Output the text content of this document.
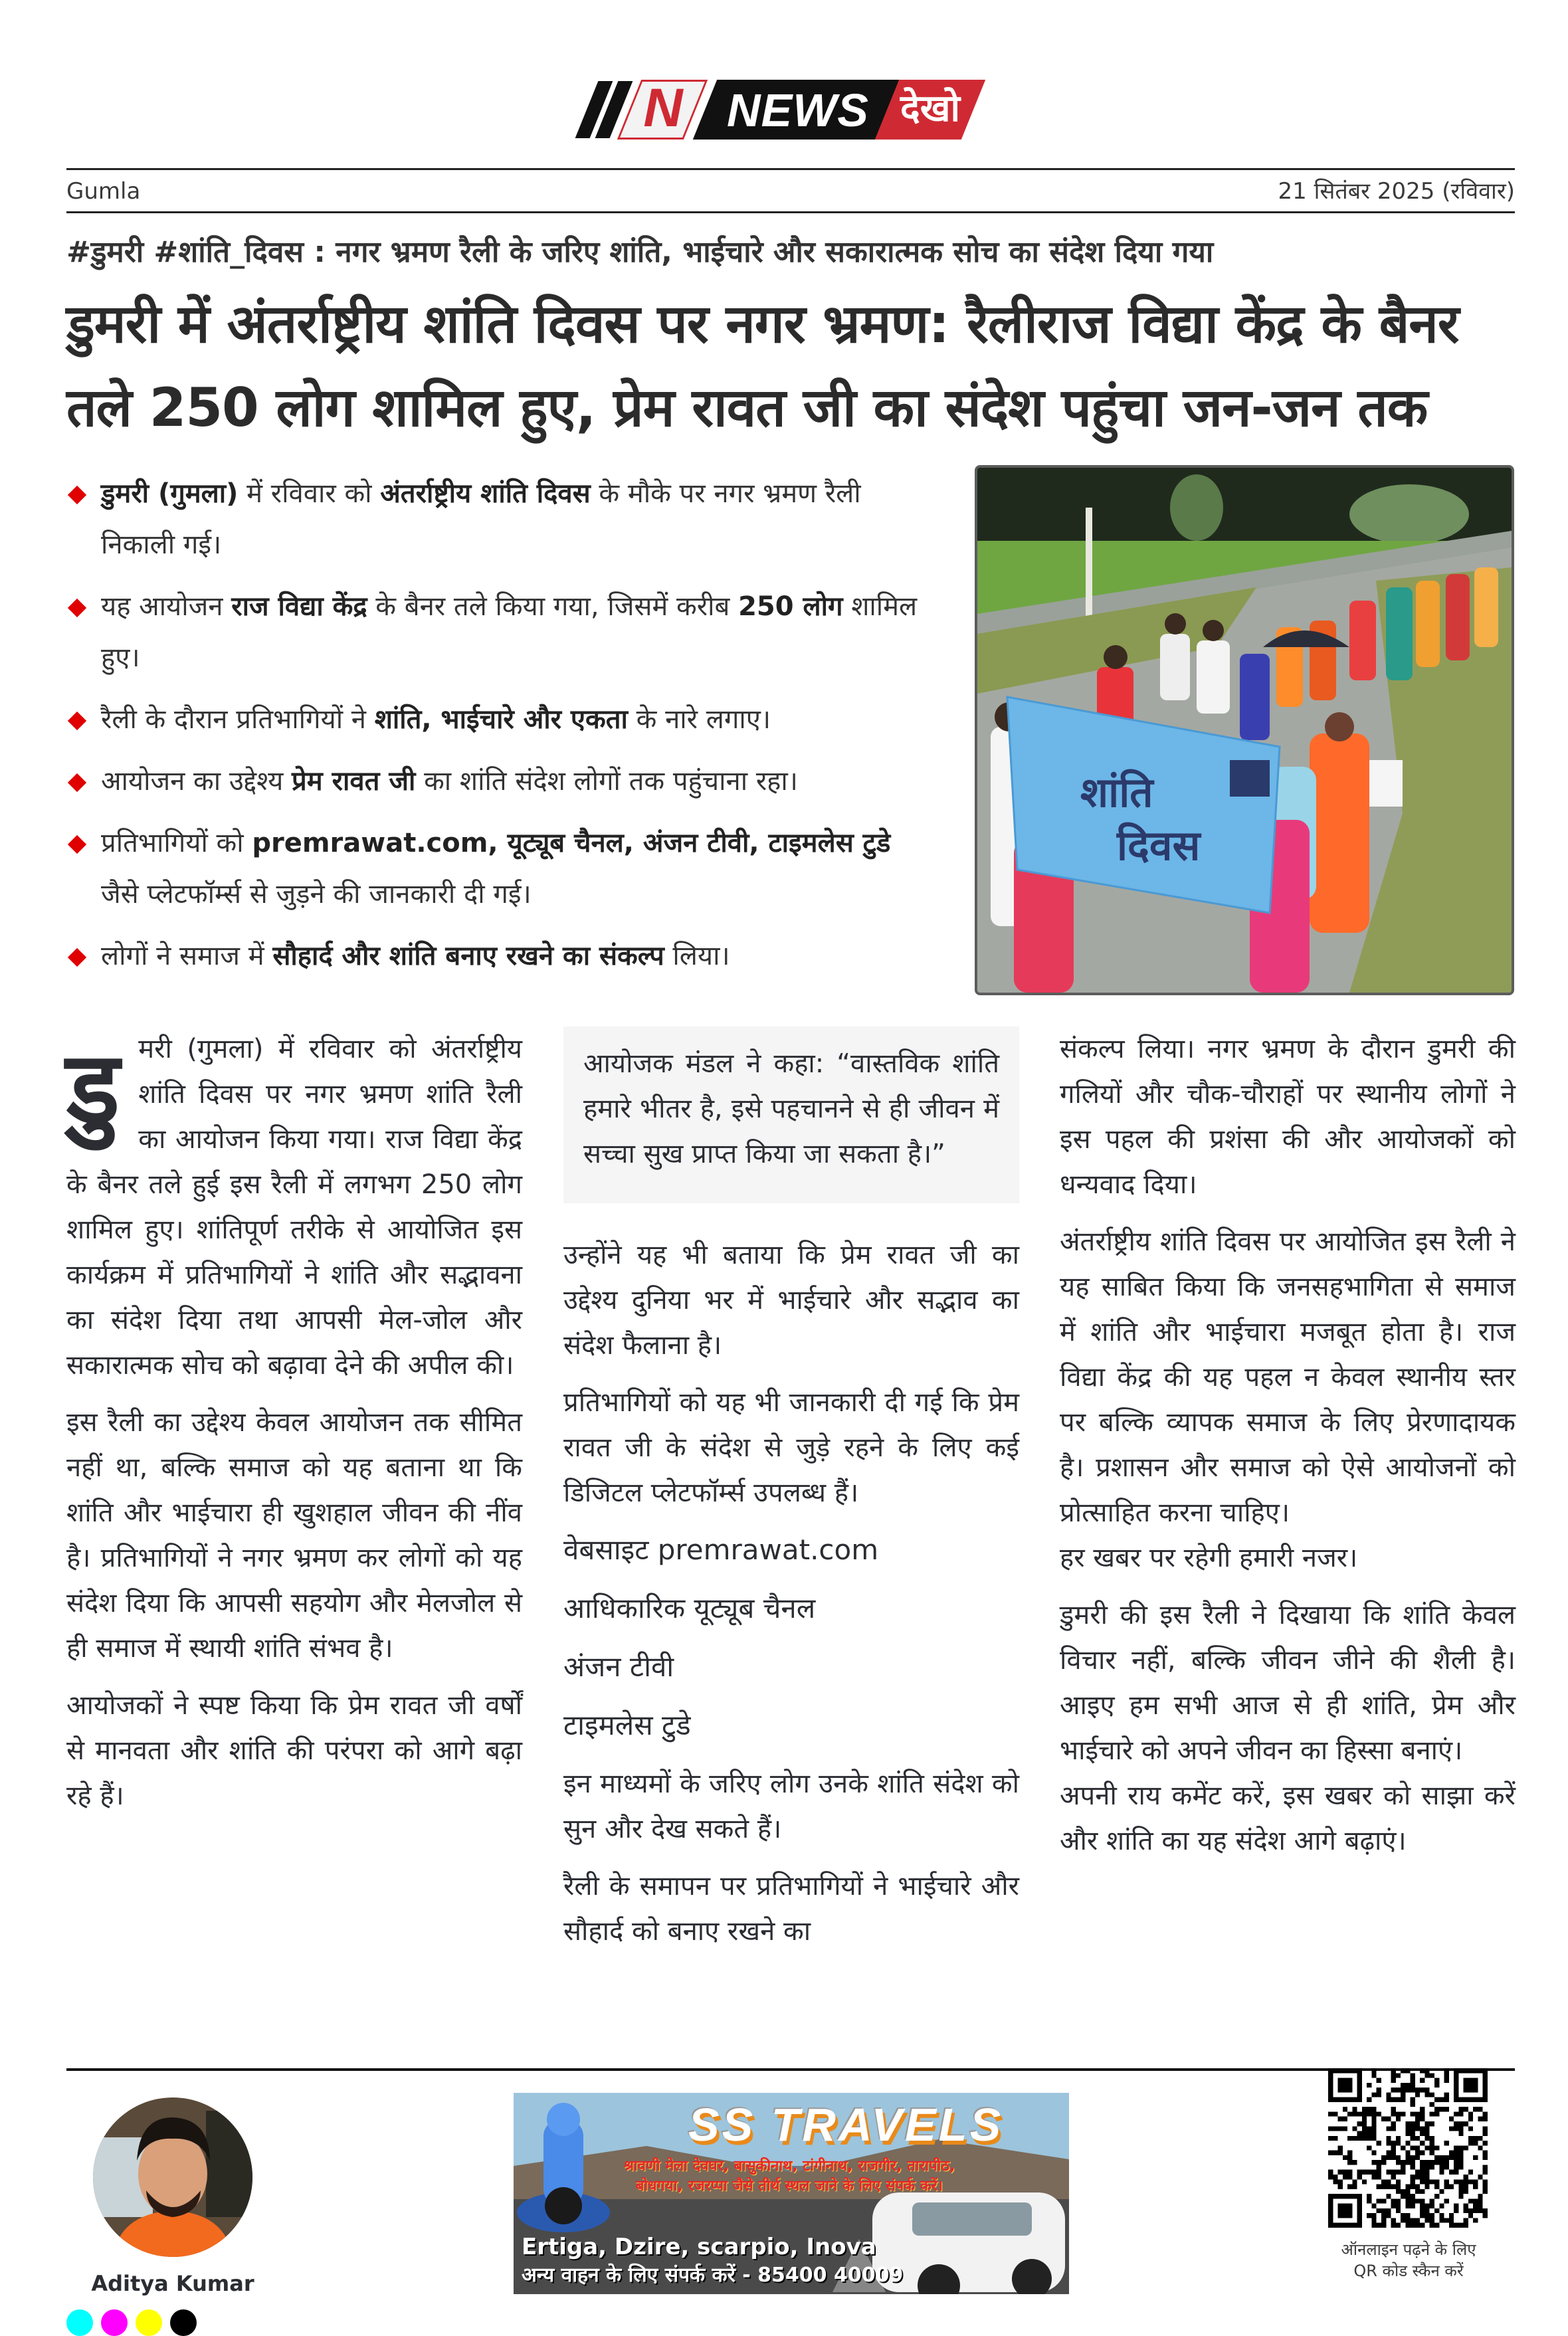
N NEWS देखो
Gumla	21 सितंबर 2025 (रविवार)
#डुमरी #शांति_दिवस : नगर भ्रमण रैली के जरिए शांति, भाईचारे और सकारात्मक सोच का संदेश दिया गया
डुमरी में अंतर्राष्ट्रीय शांति दिवस पर नगर भ्रमण: रैलीराज विद्या केंद्र के बैनर तले 250 लोग शामिल हुए, प्रेम रावत जी का संदेश पहुंचा जन-जन तक
डुमरी (गुमला) में रविवार को अंतर्राष्ट्रीय शांति दिवस के मौके पर नगर भ्रमण रैली निकाली गई।
यह आयोजन राज विद्या केंद्र के बैनर तले किया गया, जिसमें करीब 250 लोग शामिल हुए।
रैली के दौरान प्रतिभागियों ने शांति, भाईचारे और एकता के नारे लगाए।
आयोजन का उद्देश्य प्रेम रावत जी का शांति संदेश लोगों तक पहुंचाना रहा।
प्रतिभागियों को premrawat.com, यूट्यूब चैनल, अंजन टीवी, टाइमलेस टुडे जैसे प्लेटफॉर्म्स से जुड़ने की जानकारी दी गई।
लोगों ने समाज में सौहार्द और शांति बनाए रखने का संकल्प लिया।
शांति
दिवस

डुमरी (गुमला) में रविवार को अंतर्राष्ट्रीय शांति दिवस पर नगर भ्रमण शांति रैली का आयोजन किया गया। राज विद्या केंद्र के बैनर तले हुई इस रैली में लगभग 250 लोग शामिल हुए। शांतिपूर्ण तरीके से आयोजित इस कार्यक्रम में प्रतिभागियों ने शांति और सद्भावना का संदेश दिया तथा आपसी मेल-जोल और सकारात्मक सोच को बढ़ावा देने की अपील की।

इस रैली का उद्देश्य केवल आयोजन तक सीमित नहीं था, बल्कि समाज को यह बताना था कि शांति और भाईचारा ही खुशहाल जीवन की नींव है। प्रतिभागियों ने नगर भ्रमण कर लोगों को यह संदेश दिया कि आपसी सहयोग और मेलजोल से ही समाज में स्थायी शांति संभव है।

आयोजकों ने स्पष्ट किया कि प्रेम रावत जी वर्षों से मानवता और शांति की परंपरा को आगे बढ़ा रहे हैं।

आयोजक मंडल ने कहा: “वास्तविक शांति हमारे भीतर है, इसे पहचानने से ही जीवन में सच्चा सुख प्राप्त किया जा सकता है।”

उन्होंने यह भी बताया कि प्रेम रावत जी का उद्देश्य दुनिया भर में भाईचारे और सद्भाव का संदेश फैलाना है।

प्रतिभागियों को यह भी जानकारी दी गई कि प्रेम रावत जी के संदेश से जुड़े रहने के लिए कई डिजिटल प्लेटफॉर्म्स उपलब्ध हैं।

वेबसाइट premrawat.com
आधिकारिक यूट्यूब चैनल
अंजन टीवी
टाइमलेस टुडे

इन माध्यमों के जरिए लोग उनके शांति संदेश को सुन और देख सकते हैं।

रैली के समापन पर प्रतिभागियों ने भाईचारे और सौहार्द को बनाए रखने का

संकल्प लिया। नगर भ्रमण के दौरान डुमरी की गलियों और चौक-चौराहों पर स्थानीय लोगों ने इस पहल की प्रशंसा की और आयोजकों को धन्यवाद दिया।

अंतर्राष्ट्रीय शांति दिवस पर आयोजित इस रैली ने यह साबित किया कि जनसहभागिता से समाज में शांति और भाईचारा मजबूत होता है। राज विद्या केंद्र की यह पहल न केवल स्थानीय स्तर पर बल्कि व्यापक समाज के लिए प्रेरणादायक है। प्रशासन और समाज को ऐसे आयोजनों को प्रोत्साहित करना चाहिए।

हर खबर पर रहेगी हमारी नजर।

डुमरी की इस रैली ने दिखाया कि शांति केवल विचार नहीं, बल्कि जीवन जीने की शैली है। आइए हम सभी आज से ही शांति, प्रेम और भाईचारे को अपने जीवन का हिस्सा बनाएं।

अपनी राय कमेंट करें, इस खबर को साझा करें और शांति का यह संदेश आगे बढ़ाएं।

Aditya Kumar
SS TRAVELS
श्रावणी मेला देवघर, बासुकीनाथ, टांगीनाथ, राजगीर, तारापीठ, बोधगया, रजरप्पा जैसे तीर्थ स्थल जाने के लिए संपर्क करें।
Ertiga, Dzire, scarpio, Inova
अन्य वाहन के लिए संपर्क करें - 85400 40009
ऑनलाइन पढ़ने के लिए
QR कोड स्कैन करें
